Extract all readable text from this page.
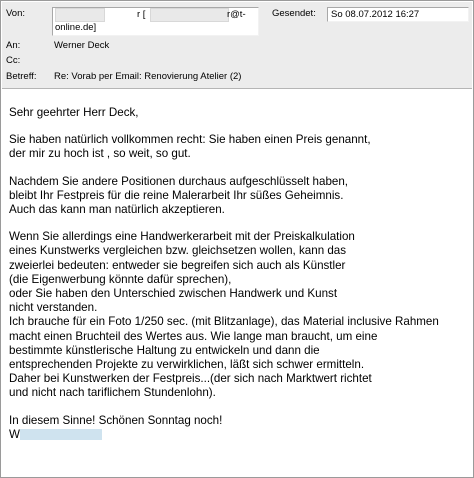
Von:	r [	r@t-
online.de]
Gesendet: So 08.07.2012 16:27
An:	Werner Deck
Cc:
Betreff: Re: Vorab per Email: Renovierung Atelier (2)
Sehr geehrter Herr Deck,
Sie haben natürlich vollkommen recht: Sie haben einen Preis genannt,
der mir zu hoch ist , so weit, so gut.
Nachdem Sie andere Positionen durchaus aufgeschlüsselt haben,
bleibt Ihr Festpreis für die reine Malerarbeit Ihr süßes Geheimnis.
Auch das kann man natürlich akzeptieren.
Wenn Sie allerdings eine Handwerkerarbeit mit der Preiskalkulation
eines Kunstwerks vergleichen bzw. gleichsetzen wollen, kann das
zweierlei bedeuten: entweder sie begreifen sich auch als Künstler
(die Eigenwerbung könnte dafür sprechen),
oder Sie haben den Unterschied zwischen Handwerk und Kunst
nicht verstanden.
Ich brauche für ein Foto 1/250 sec. (mit Blitzanlage), das Material inclusive Rahmen
macht einen Bruchteil des Wertes aus. Wie lange man braucht, um eine
bestimmte künstlerische Haltung zu entwickeln und dann die
entsprechenden Projekte zu verwirklichen, läßt sich schwer ermitteln.
Daher bei Kunstwerken der Festpreis...(der sich nach Marktwert richtet
und nicht nach tariflichem Stundenlohn).
In diesem Sinne! Schönen Sonntag noch!
W
